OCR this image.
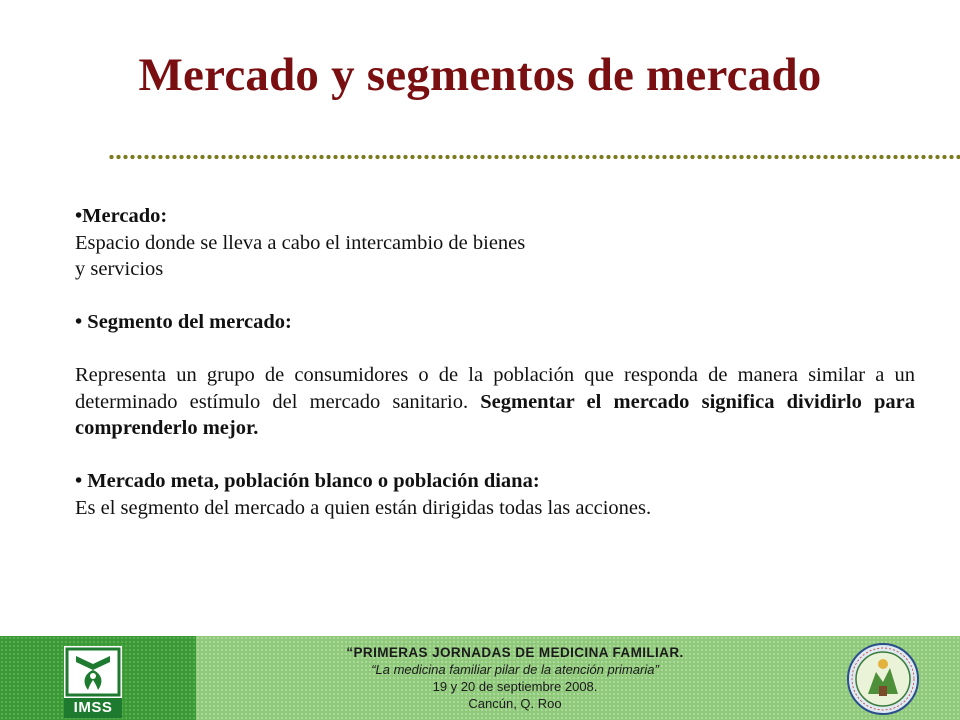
Mercado y segmentos de mercado

•Mercado:

Espacio donde se lleva a cabo el intercambio de bienes

y servicios

• Segmento del mercado:

Representa un grupo de consumidores o de la población que responda de manera similar a un determinado estímulo del mercado sanitario. Segmentar el mercado significa dividirlo para comprenderlo mejor.

• Mercado meta, población blanco o población diana:

Es el segmento del mercado a quien están dirigidas todas las acciones.

IMSS
“PRIMERAS JORNADAS DE MEDICINA FAMILIAR.
“La medicina familiar pilar de la atención primaria”
19 y 20 de septiembre 2008.
Cancún, Q. Roo
